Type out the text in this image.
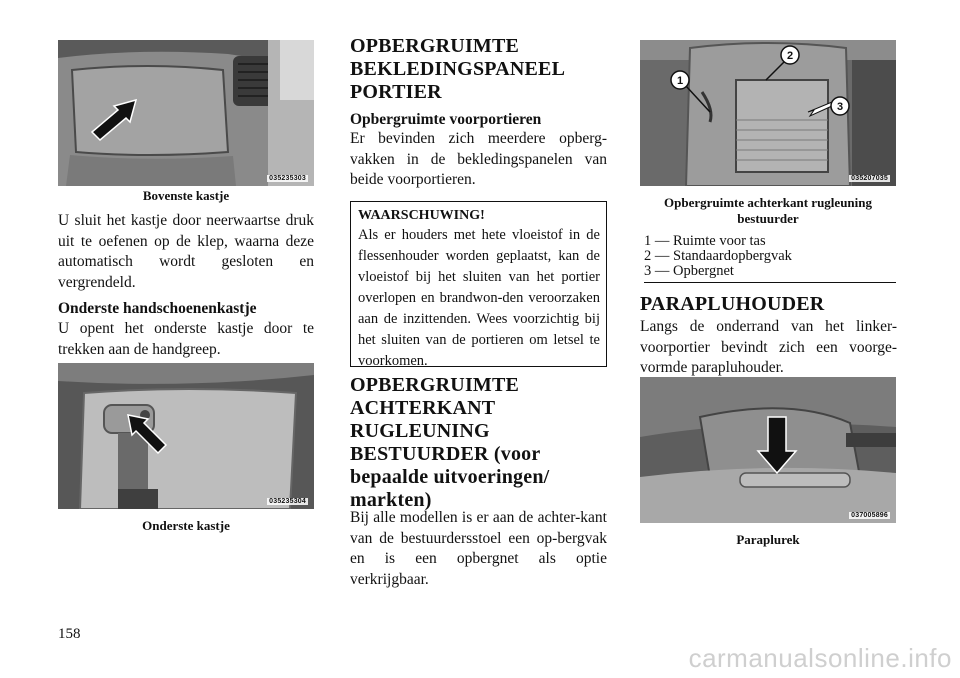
035235303
Bovenste kastje
U sluit het kastje door neerwaartse druk uit te oefenen op de klep, waarna deze automatisch wordt gesloten en vergrendeld.
Onderste handschoenenkastje
U opent het onderste kastje door te trekken aan de handgreep.
035235304
Onderste kastje
OPBERGRUIMTE BEKLEDINGSPANEEL PORTIER
Opbergruimte voorportieren
Er bevinden zich meerdere opberg-vakken in de bekledingspanelen van beide voorportieren.
WAARSCHUWING!
Als er houders met hete vloeistof in de flessenhouder worden geplaatst, kan de vloeistof bij het sluiten van het portier overlopen en brandwon-den veroorzaken aan de inzittenden. Wees voorzichtig bij het sluiten van de portieren om letsel te voorkomen.
OPBERGRUIMTE ACHTERKANT RUGLEUNING BESTUURDER (voor bepaalde uitvoeringen/ markten)
Bij alle modellen is er aan de achter-kant van de bestuurdersstoel een op-bergvak en is een opbergnet als optie verkrijgbaar.
1
2
3
035207035
Opbergruimte achterkant rugleuning bestuurder
1 — Ruimte voor tas
2 — Standaardopbergvak
3 — Opbergnet
PARAPLUHOUDER
Langs de onderrand van het linker-voorportier bevindt zich een voorge-vormde parapluhouder.
037005896
Paraplurek
158
carmanualsonline.info
